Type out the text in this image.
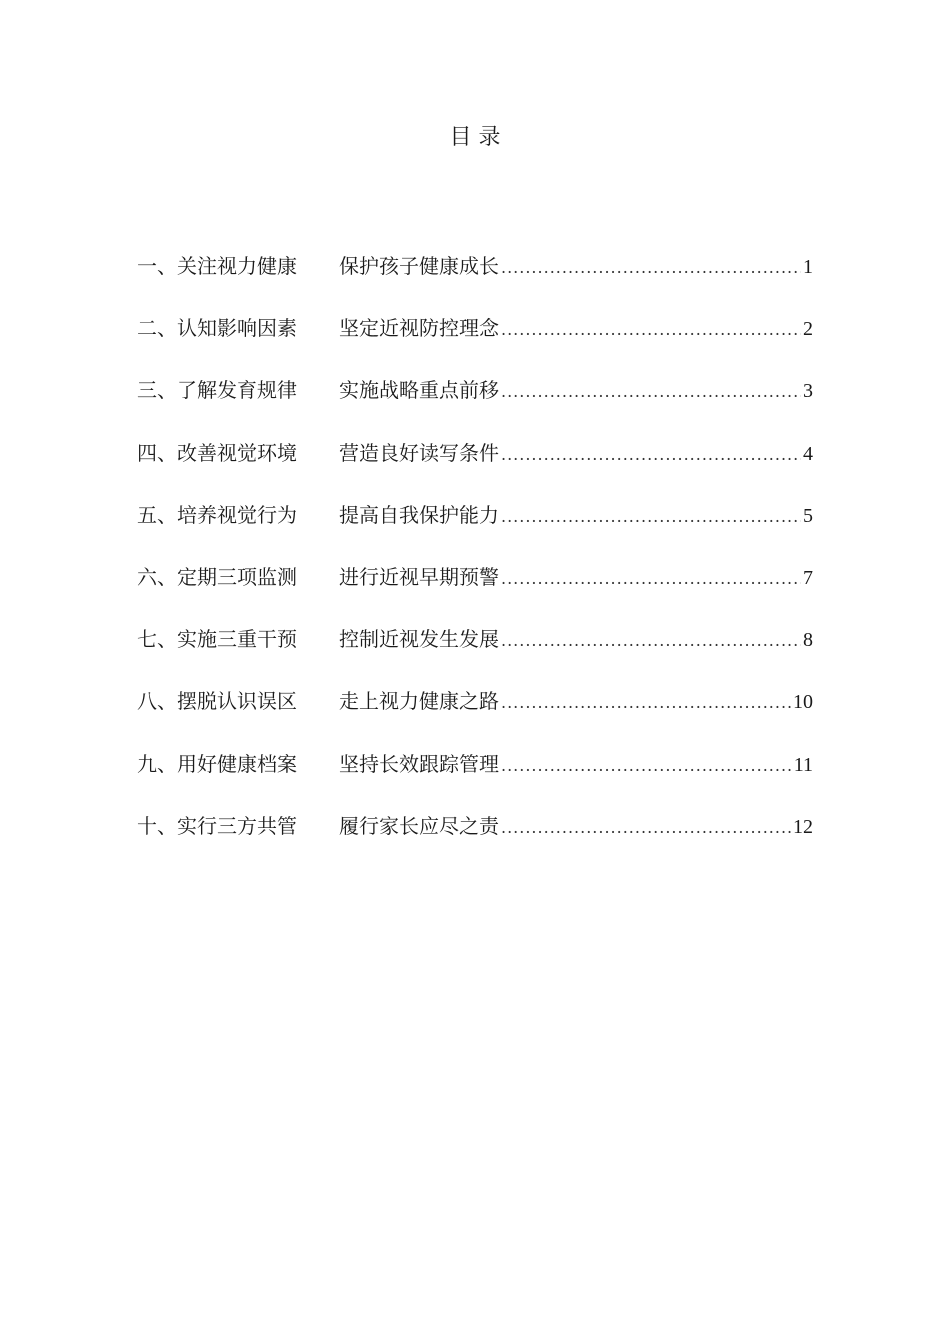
目 录
一、关注视力健康	保护孩子健康成长 .....	1
二、认知影响因素	坚定近视防控理念 .....	2
三、了解发育规律	实施战略重点前移 .....	3
四、改善视觉环境	营造良好读写条件 .....	4
五、培养视觉行为	提高自我保护能力 .....	5
六、定期三项监测	进行近视早期预警 .....	7
七、实施三重干预	控制近视发生发展 .....	8
八、摆脱认识误区	走上视力健康之路 .....	10
九、用好健康档案	坚持长效跟踪管理 .....	11
十、实行三方共管	履行家长应尽之责 .....	12
